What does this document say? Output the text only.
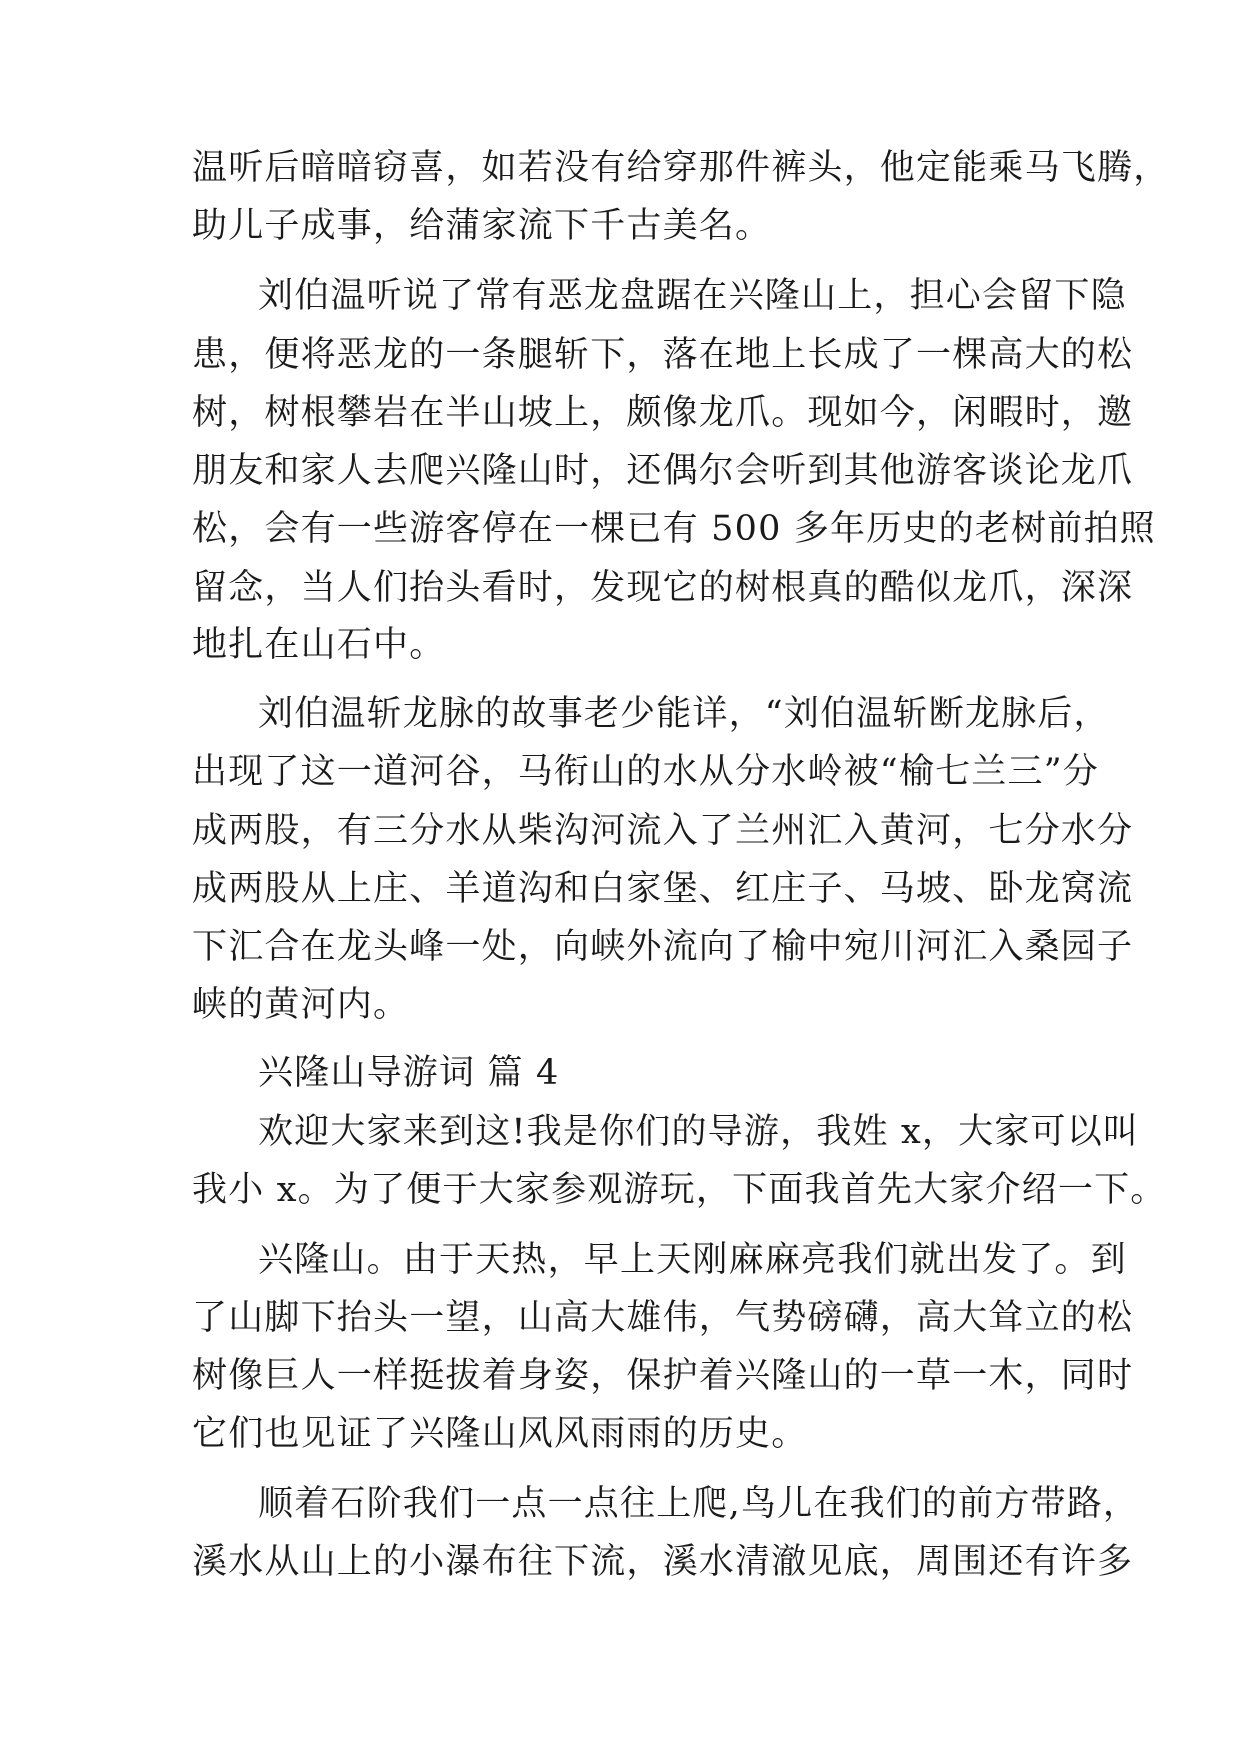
温听后暗暗窃喜，如若没有给穿那件裤头，他定能乘马飞腾，
助儿子成事，给蒲家流下千古美名。
刘伯温听说了常有恶龙盘踞在兴隆山上，担心会留下隐
患，便将恶龙的一条腿斩下，落在地上长成了一棵高大的松
树，树根攀岩在半山坡上，颇像龙爪。现如今，闲暇时，邀
朋友和家人去爬兴隆山时，还偶尔会听到其他游客谈论龙爪
松，会有一些游客停在一棵已有 500 多年历史的老树前拍照
留念，当人们抬头看时，发现它的树根真的酷似龙爪，深深
地扎在山石中。
刘伯温斩龙脉的故事老少能详，“刘伯温斩断龙脉后，
出现了这一道河谷，马衔山的水从分水岭被“榆七兰三”分
成两股，有三分水从柴沟河流入了兰州汇入黄河，七分水分
成两股从上庄、羊道沟和白家堡、红庄子、马坡、卧龙窝流
下汇合在龙头峰一处，向峡外流向了榆中宛川河汇入桑园子
峡的黄河内。
兴隆山导游词 篇 4
欢迎大家来到这!我是你们的导游，我姓 x，大家可以叫
我小 x。为了便于大家参观游玩，下面我首先大家介绍一下。
兴隆山。由于天热，早上天刚麻麻亮我们就出发了。到
了山脚下抬头一望，山高大雄伟，气势磅礴，高大耸立的松
树像巨人一样挺拔着身姿，保护着兴隆山的一草一木，同时
它们也见证了兴隆山风风雨雨的历史。
顺着石阶我们一点一点往上爬,鸟儿在我们的前方带路，
溪水从山上的小瀑布往下流，溪水清澈见底，周围还有许多
